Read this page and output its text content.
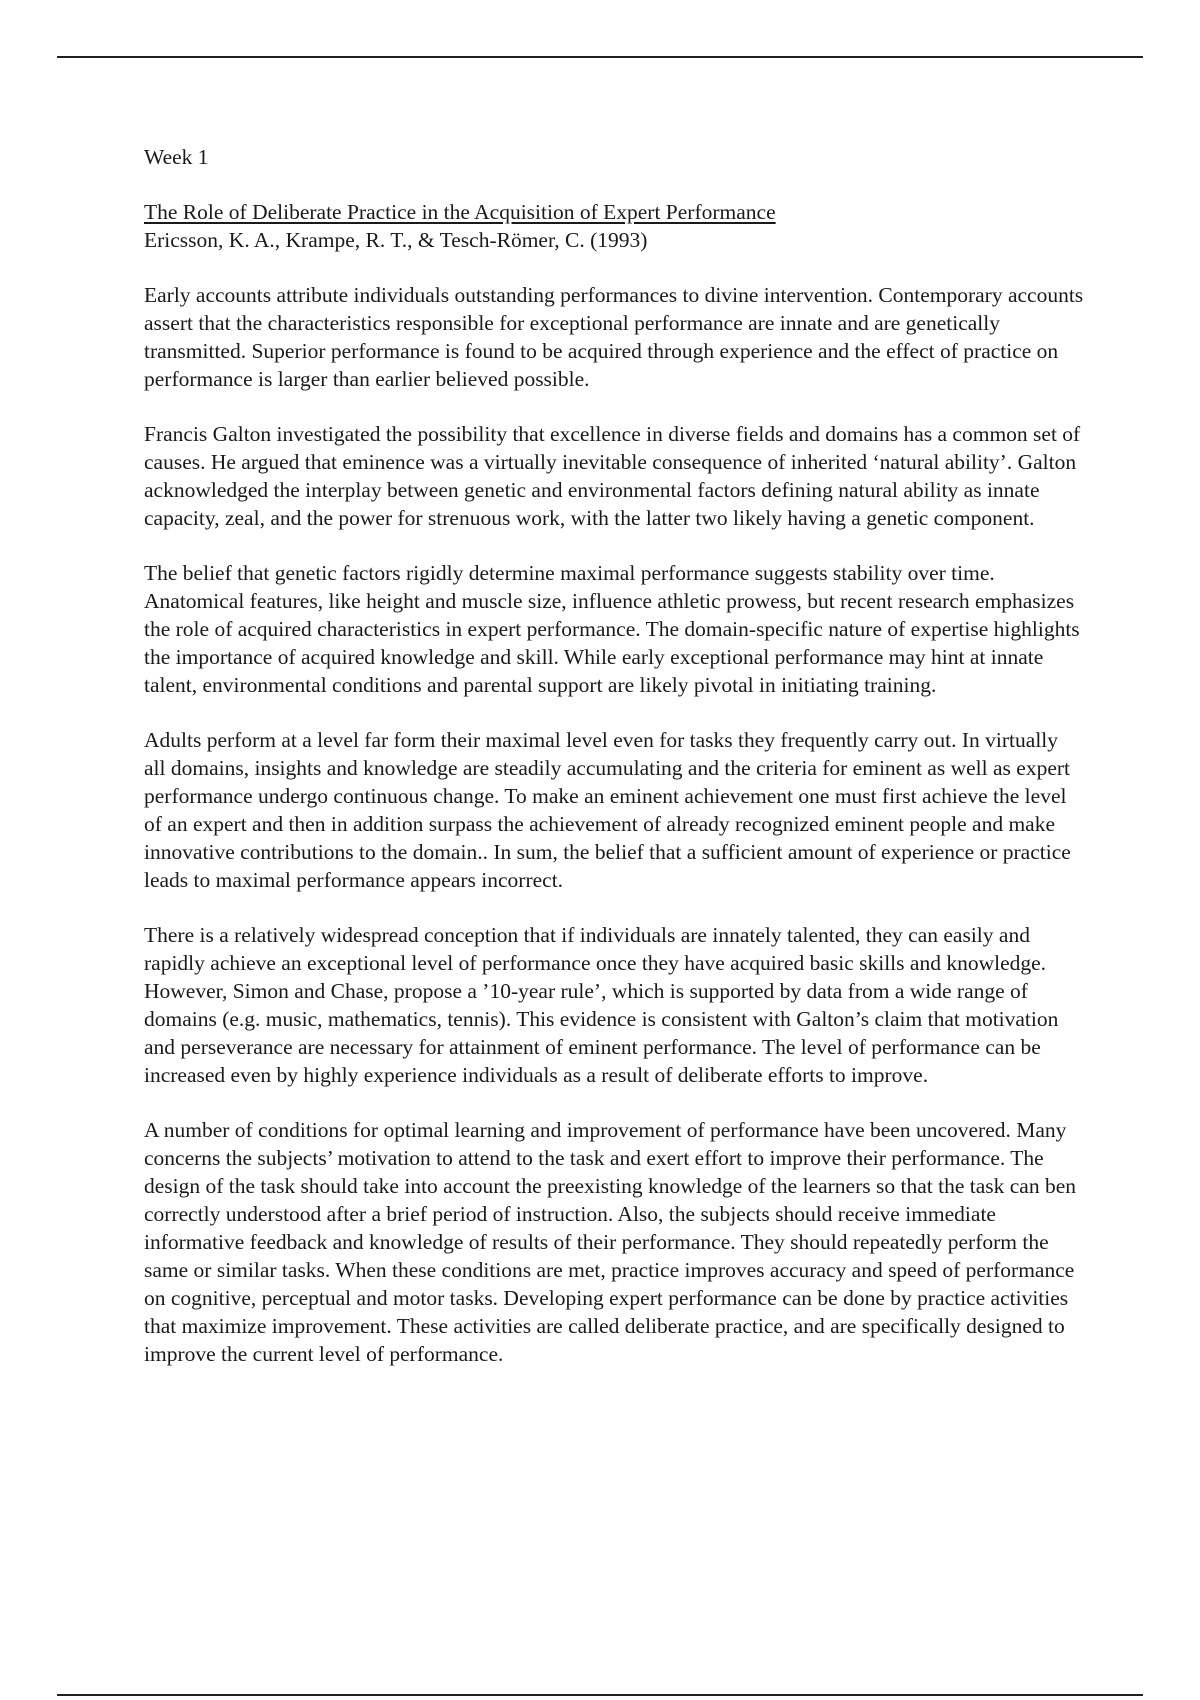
Week 1

The Role of Deliberate Practice in the Acquisition of Expert Performance

Ericsson, K. A., Krampe, R. T., & Tesch-Römer, C. (1993)

Early accounts attribute individuals outstanding performances to divine intervention. Contemporary accounts assert that the characteristics responsible for exceptional performance are innate and are genetically transmitted. Superior performance is found to be acquired through experience and the effect of practice on performance is larger than earlier believed possible.

Francis Galton investigated the possibility that excellence in diverse fields and domains has a common set of causes. He argued that eminence was a virtually inevitable consequence of inherited ‘natural ability’. Galton acknowledged the interplay between genetic and environmental factors defining natural ability as innate capacity, zeal, and the power for strenuous work, with the latter two likely having a genetic component.

The belief that genetic factors rigidly determine maximal performance suggests stability over time. Anatomical features, like height and muscle size, influence athletic prowess, but recent research emphasizes the role of acquired characteristics in expert performance. The domain-specific nature of expertise highlights the importance of acquired knowledge and skill. While early exceptional performance may hint at innate talent, environmental conditions and parental support are likely pivotal in initiating training.

Adults perform at a level far form their maximal level even for tasks they frequently carry out. In virtually all domains, insights and knowledge are steadily accumulating and the criteria for eminent as well as expert performance undergo continuous change. To make an eminent achievement one must first achieve the level of an expert and then in addition surpass the achievement of already recognized eminent people and make innovative contributions to the domain.. In sum, the belief that a sufficient amount of experience or practice leads to maximal performance appears incorrect.

There is a relatively widespread conception that if individuals are innately talented, they can easily and rapidly achieve an exceptional level of performance once they have acquired basic skills and knowledge. However, Simon and Chase, propose a ’10-year rule’, which is supported by data from a wide range of domains (e.g. music, mathematics, tennis). This evidence is consistent with Galton’s claim that motivation and perseverance are necessary for attainment of eminent performance. The level of performance can be increased even by highly experience individuals as a result of deliberate efforts to improve.

A number of conditions for optimal learning and improvement of performance have been uncovered. Many concerns the subjects’ motivation to attend to the task and exert effort to improve their performance. The design of the task should take into account the preexisting knowledge of the learners so that the task can ben correctly understood after a brief period of instruction. Also, the subjects should receive immediate informative feedback and knowledge of results of their performance. They should repeatedly perform the same or similar tasks. When these conditions are met, practice improves accuracy and speed of performance on cognitive, perceptual and motor tasks. Developing expert performance can be done by practice activities that maximize improvement. These activities are called deliberate practice, and are specifically designed to improve the current level of performance.
